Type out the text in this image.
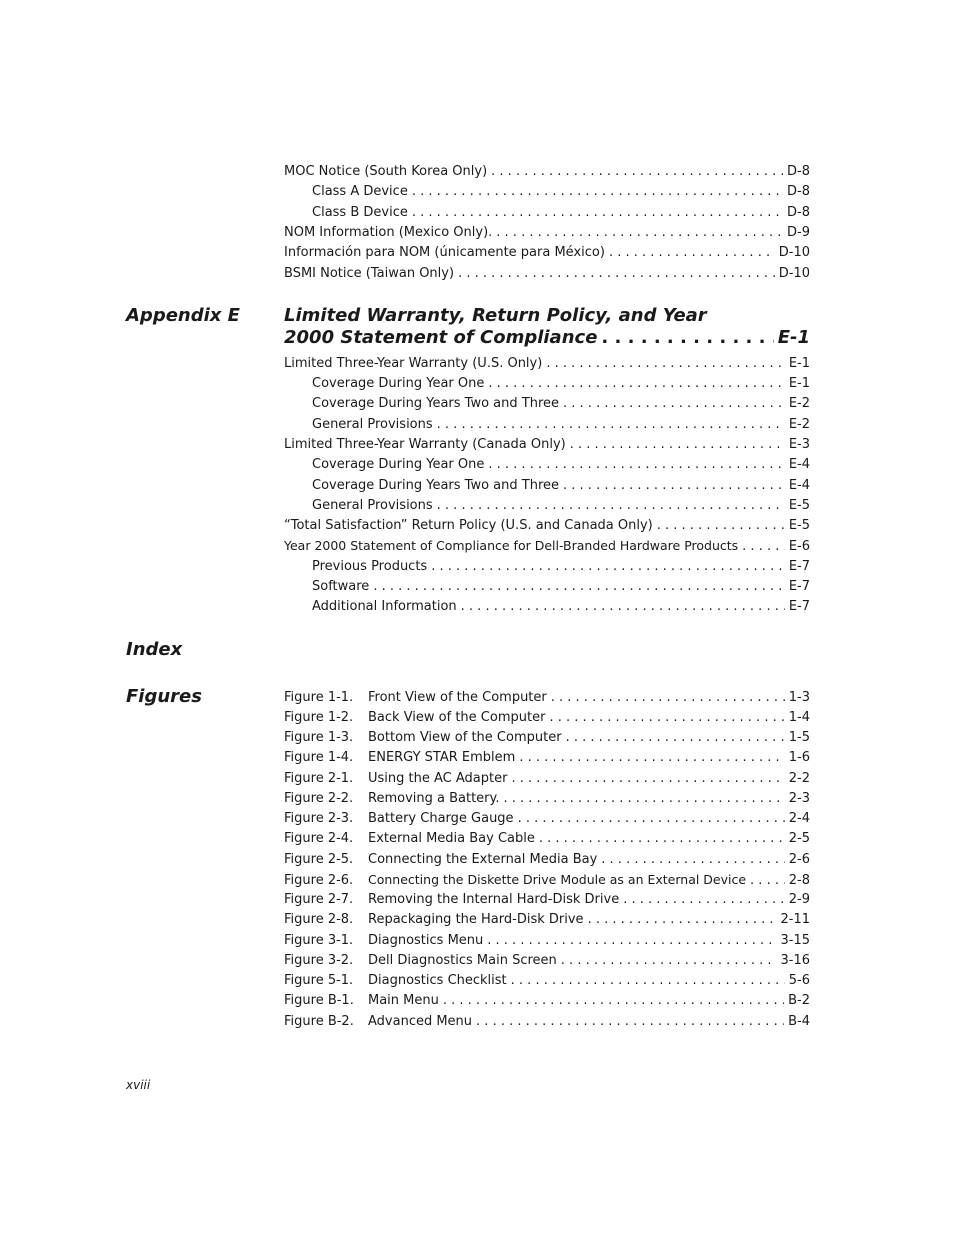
MOC Notice (South Korea Only) . . .	D-8
Class A Device . . .	D-8
Class B Device . . .	D-8
NOM Information (Mexico Only). . . .	D-9
Información para NOM (únicamente para México) . . .	D-10
BSMI Notice (Taiwan Only) . . .	D-10
Appendix E Limited Warranty, Return Policy, and Year
2000 Statement of Compliance . . .	E-1
Limited Three-Year Warranty (U.S. Only) . . .	E-1
Coverage During Year One . . .	E-1
Coverage During Years Two and Three . . .	E-2
General Provisions . . .	E-2
Limited Three-Year Warranty (Canada Only) . . .	E-3
Coverage During Year One . . .	E-4
Coverage During Years Two and Three . . .	E-4
General Provisions . . .	E-5
“Total Satisfaction” Return Policy (U.S. and Canada Only) . . .	E-5
Year 2000 Statement of Compliance for Dell-Branded Hardware Products . . .	E-6
Previous Products . . .	E-7
Software . . .	E-7
Additional Information . . .	E-7
Index
Figures	Figure 1-1.	Front View of the Computer . . .	1-3
Figure 1-2.	Back View of the Computer . . .	1-4
Figure 1-3.	Bottom View of the Computer . . .	1-5
Figure 1-4.	ENERGY STAR Emblem . . .	1-6
Figure 2-1.	Using the AC Adapter . . .	2-2
Figure 2-2.	Removing a Battery. . . .	2-3
Figure 2-3.	Battery Charge Gauge . . .	2-4
Figure 2-4.	External Media Bay Cable . . .	2-5
Figure 2-5.	Connecting the External Media Bay . . .	2-6
Figure 2-6.	Connecting the Diskette Drive Module as an External Device . . .	2-8
Figure 2-7.	Removing the Internal Hard-Disk Drive . . .	2-9
Figure 2-8.	Repackaging the Hard-Disk Drive . . .	2-11
Figure 3-1.	Diagnostics Menu . . .	3-15
Figure 3-2.	Dell Diagnostics Main Screen . . .	3-16
Figure 5-1.	Diagnostics Checklist . . .	5-6
Figure B-1.	Main Menu . . .	B-2
Figure B-2.	Advanced Menu . . .	B-4
xviii
